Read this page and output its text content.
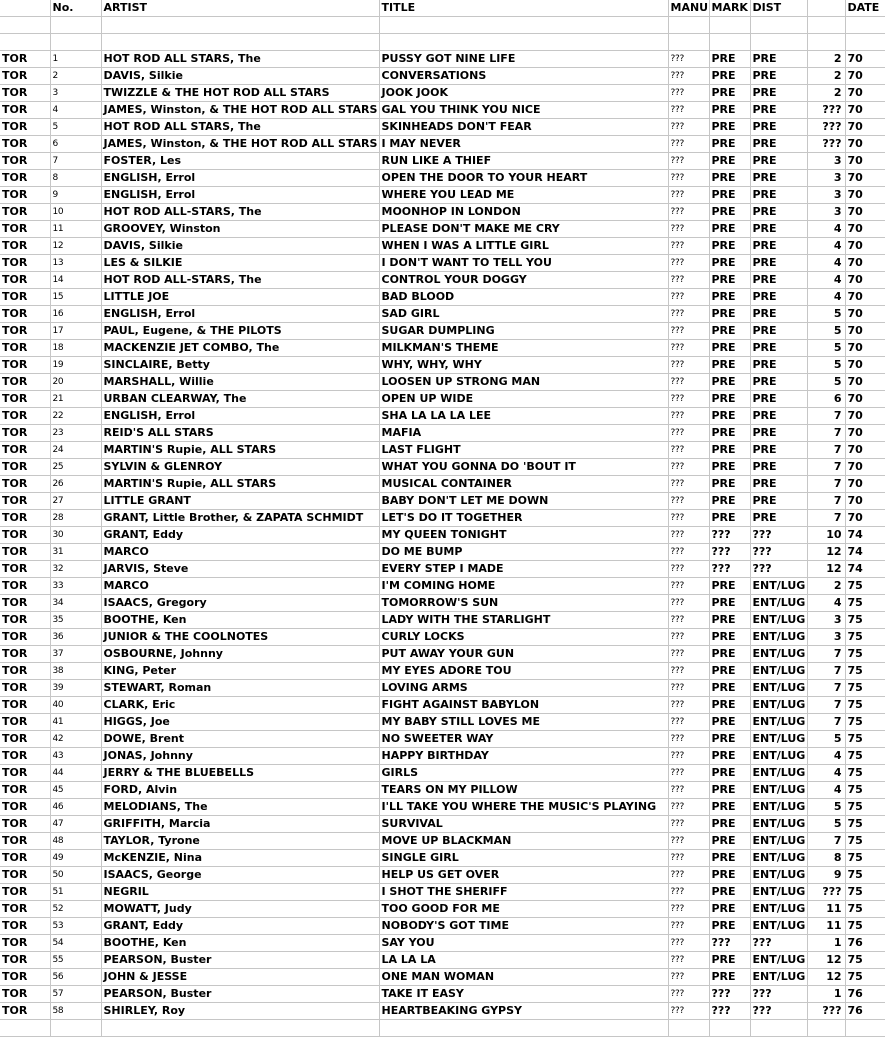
	No.	ARTIST	TITLE	MANU	MARK	DIST		DATE

TOR	1	HOT ROD ALL STARS, The	PUSSY GOT NINE LIFE	???	PRE	PRE	2	70
TOR	2	DAVIS, Silkie	CONVERSATIONS	???	PRE	PRE	2	70
TOR	3	TWIZZLE & THE HOT ROD ALL STARS	JOOK JOOK	???	PRE	PRE	2	70
TOR	4	JAMES, Winston, & THE HOT ROD ALL STARS	GAL YOU THINK YOU NICE	???	PRE	PRE	???	70
TOR	5	HOT ROD ALL STARS, The	SKINHEADS DON'T FEAR	???	PRE	PRE	???	70
TOR	6	JAMES, Winston, & THE HOT ROD ALL STARS	I MAY NEVER	???	PRE	PRE	???	70
TOR	7	FOSTER, Les	RUN LIKE A THIEF	???	PRE	PRE	3	70
TOR	8	ENGLISH, Errol	OPEN THE DOOR TO YOUR HEART	???	PRE	PRE	3	70
TOR	9	ENGLISH, Errol	WHERE YOU LEAD ME	???	PRE	PRE	3	70
TOR	10	HOT ROD ALL-STARS, The	MOONHOP IN LONDON	???	PRE	PRE	3	70
TOR	11	GROOVEY, Winston	PLEASE DON'T MAKE ME CRY	???	PRE	PRE	4	70
TOR	12	DAVIS, Silkie	WHEN I WAS A LITTLE GIRL	???	PRE	PRE	4	70
TOR	13	LES & SILKIE	I DON'T WANT TO TELL YOU	???	PRE	PRE	4	70
TOR	14	HOT ROD ALL-STARS, The	CONTROL YOUR DOGGY	???	PRE	PRE	4	70
TOR	15	LITTLE JOE	BAD BLOOD	???	PRE	PRE	4	70
TOR	16	ENGLISH, Errol	SAD GIRL	???	PRE	PRE	5	70
TOR	17	PAUL, Eugene, & THE PILOTS	SUGAR DUMPLING	???	PRE	PRE	5	70
TOR	18	MACKENZIE JET COMBO, The	MILKMAN'S THEME	???	PRE	PRE	5	70
TOR	19	SINCLAIRE, Betty	WHY, WHY, WHY	???	PRE	PRE	5	70
TOR	20	MARSHALL, Willie	LOOSEN UP STRONG MAN	???	PRE	PRE	5	70
TOR	21	URBAN CLEARWAY, The	OPEN UP WIDE	???	PRE	PRE	6	70
TOR	22	ENGLISH, Errol	SHA LA LA LA LEE	???	PRE	PRE	7	70
TOR	23	REID'S ALL STARS	MAFIA	???	PRE	PRE	7	70
TOR	24	MARTIN'S Rupie, ALL STARS	LAST FLIGHT	???	PRE	PRE	7	70
TOR	25	SYLVIN & GLENROY	WHAT YOU GONNA DO 'BOUT IT	???	PRE	PRE	7	70
TOR	26	MARTIN'S Rupie, ALL STARS	MUSICAL CONTAINER	???	PRE	PRE	7	70
TOR	27	LITTLE GRANT	BABY DON'T LET ME DOWN	???	PRE	PRE	7	70
TOR	28	GRANT, Little Brother, & ZAPATA SCHMIDT	LET'S DO IT TOGETHER	???	PRE	PRE	7	70
TOR	30	GRANT, Eddy	MY QUEEN TONIGHT	???	???	???	10	74
TOR	31	MARCO	DO ME BUMP	???	???	???	12	74
TOR	32	JARVIS, Steve	EVERY STEP I MADE	???	???	???	12	74
TOR	33	MARCO	I'M COMING HOME	???	PRE	ENT/LUG	2	75
TOR	34	ISAACS, Gregory	TOMORROW'S SUN	???	PRE	ENT/LUG	4	75
TOR	35	BOOTHE, Ken	LADY WITH THE STARLIGHT	???	PRE	ENT/LUG	3	75
TOR	36	JUNIOR & THE COOLNOTES	CURLY LOCKS	???	PRE	ENT/LUG	3	75
TOR	37	OSBOURNE, Johnny	PUT AWAY YOUR GUN	???	PRE	ENT/LUG	7	75
TOR	38	KING, Peter	MY EYES ADORE TOU	???	PRE	ENT/LUG	7	75
TOR	39	STEWART, Roman	LOVING ARMS	???	PRE	ENT/LUG	7	75
TOR	40	CLARK, Eric	FIGHT AGAINST BABYLON	???	PRE	ENT/LUG	7	75
TOR	41	HIGGS, Joe	MY BABY STILL LOVES ME	???	PRE	ENT/LUG	7	75
TOR	42	DOWE, Brent	NO SWEETER WAY	???	PRE	ENT/LUG	5	75
TOR	43	JONAS, Johnny	HAPPY BIRTHDAY	???	PRE	ENT/LUG	4	75
TOR	44	JERRY & THE BLUEBELLS	GIRLS	???	PRE	ENT/LUG	4	75
TOR	45	FORD, Alvin	TEARS ON MY PILLOW	???	PRE	ENT/LUG	4	75
TOR	46	MELODIANS, The	I'LL TAKE YOU WHERE THE MUSIC'S PLAYING	???	PRE	ENT/LUG	5	75
TOR	47	GRIFFITH, Marcia	SURVIVAL	???	PRE	ENT/LUG	5	75
TOR	48	TAYLOR, Tyrone	MOVE UP BLACKMAN	???	PRE	ENT/LUG	7	75
TOR	49	McKENZIE, Nina	SINGLE GIRL	???	PRE	ENT/LUG	8	75
TOR	50	ISAACS, George	HELP US GET OVER	???	PRE	ENT/LUG	9	75
TOR	51	NEGRIL	I SHOT THE SHERIFF	???	PRE	ENT/LUG	???	75
TOR	52	MOWATT, Judy	TOO GOOD FOR ME	???	PRE	ENT/LUG	11	75
TOR	53	GRANT, Eddy	NOBODY'S GOT TIME	???	PRE	ENT/LUG	11	75
TOR	54	BOOTHE, Ken	SAY YOU	???	???	???	1	76
TOR	55	PEARSON, Buster	LA LA LA	???	PRE	ENT/LUG	12	75
TOR	56	JOHN & JESSE	ONE MAN WOMAN	???	PRE	ENT/LUG	12	75
TOR	57	PEARSON, Buster	TAKE IT EASY	???	???	???	1	76
TOR	58	SHIRLEY, Roy	HEARTBEAKING GYPSY	???	???	???	???	76
